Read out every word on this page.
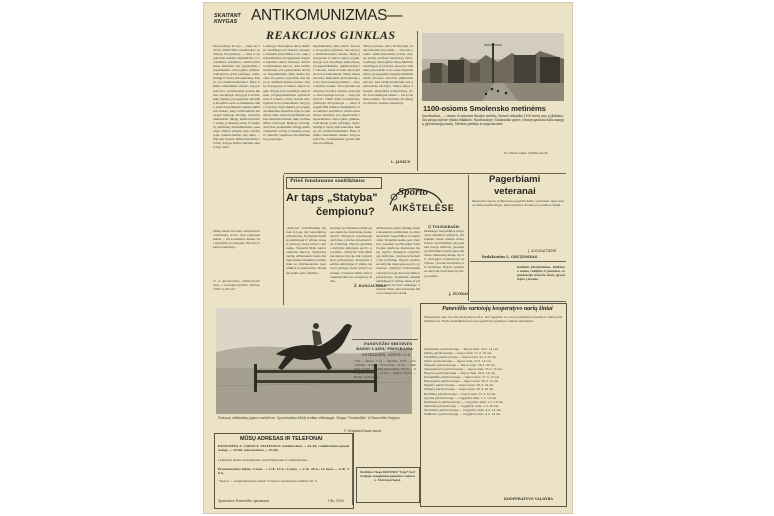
SKAITANT
KNYGAS ANTIKOMUNIZMAS—
REAKCIJOS GINKLAS
Ideologinėje kovoje — kaip tai nurodo TSKP XXII suvažiavimo priimtoje Programoje — nėra ir negali būti taikaus kapitalizmo ir socializmo sambūvio. Antikomunizmas šiandien yra pagrindinis imperializmo ideologinis ginklas, nukreiptas prieš pažangą, demokratiją ir tautų išsivadavimą. Kas gi yra antikomunizmas? Šiais ir kitais klausimais atsako knygos autorius, remdamasis gausia faktine medžiaga. Knygoje rodoma, kaip Vakarų propaganda skleidžia šmeižtus apie socialistines šalis, kaip imperialistai siekia sukiršinti tautas, kaip buržuaziniai ideologai klastoja istoriją. Autorius atskleidžia tikrąjį antikomunizmo veidą, jo klasinę esmę ir reakcinį vaidmenį šiuolaikiniame pasaulyje. Taikos priešai, karo kurstytojai, reakcionieriai visų šalių — štai kas sudaro antikomunistinį frontą. Knyga skirta plačiam skaitytojų ratui.
Leidinyje naudojama daug faktinės medžiagos iš užsienio spaudos. Pateikti pavyzdžiai rodo, kaip imperialistinė propaganda mėgina klaidinti darbo žmones. Autorius įtikinamai parodo, kad antikomunizmas yra pasmerktas istorijos. Kapitalistinių šalių darbo žmonės vis geriau supranta, kas slypi po antikomunizmo kauke. Tautų draugystės ir taikos idėjos nugali. Knyga bus naudinga lektoriams, propagandistams, agitatoriams ir visiems, kurie domisi ideologinės kovos klausimais. Knygoje rodoma, kaip Vakarų propaganda skleidžia šmeižtus apie socialistines šalis, kaip imperialistai siekia sukiršinti tautas, kaip buržuaziniai ideologai klastoja istoriją. Autorius atskleidžia tikrąjį antikomunizmo veidą, jo klasinę esmę ir reakcinį vaidmenį šiuolaikiniame pasaulyje.
Kapitalistinių šalių darbo žmonės vis geriau supranta, kas slypi po antikomunizmo kauke. Tautų draugystės ir taikos idėjos nugali. Knyga bus naudinga lektoriams, propagandistams, agitatoriams ir visiems, kurie domisi ideologinės kovos klausimais. Mūsų šalies žmonės, statydami komunizmą, įrodo, kad teisingas kelias — tai socializmo kelias. Tai supranta vis daugiau žmonių visame pasaulyje. Ideologinėje kovoje — kaip tai nurodo TSKP XXII suvažiavimo priimtoje Programoje — nėra ir negali būti taikaus kapitalizmo ir socializmo sambūvio. Antikomunizmas šiandien yra pagrindinis imperializmo ideologinis ginklas, nukreiptas prieš pažangą, demokratiją ir tautų išsivadavimą. Kas gi yra antikomunizmas? Šiais ir kitais klausimais atsako knygos autorius, remdamasis gausia faktine medžiaga.
Taikos priešai, karo kurstytojai, reakcionieriai visų šalių — štai kas sudaro antikomunistinį frontą. Knyga skirta plačiam skaitytojų ratui. Leidinyje naudojama daug faktinės medžiagos iš užsienio spaudos. Pateikti pavyzdžiai rodo, kaip imperialistinė propaganda mėgina klaidinti darbo žmones. Autorius įtikinamai parodo, kad antikomunizmas yra pasmerktas istorijos. Mūsų šalies žmonės, statydami komunizmą, įrodo, kad teisingas kelias — tai socializmo kelias. Tai supranta vis daugiau žmonių visame pasaulyje.
L. JANKUS
"I. A. Jaroševičius. Antikomunizmas — reakcijos ginklas. Vilnius, 1963 m. 80 psl."
Mūsų šalies žmonės, statydami komunizmą, įrodo, kad teisingas kelias — tai socializmo kelias. Tai supranta vis daugiau žmonių visame pasaulyje.
1100-osioms Smolensko metinėms
Smolenskas, — vienas iš senosios Rusijos miestų. Šiemet sukanka 1100 metų nuo jo įkūrimo. Šia proga mieste vyksta iškilmės. Nuotraukoje: Smolensko gatvė. Senieji pastatai šalia naujųjų gyvenamųjų namų. Miestas gražėja ir auga kasmet.
N. Ortunovskio (TASS) nuotr.
Prieš fenstaunus susitikimus
Ar taps „Statyba"
čempionu?
Sporto
AIKŠTELĖSE
„Statyba" futbolininkai šiemet kovoja dėl respublikos pirmenybių. Komanda žaidžia sėkmingai ir užima vieną iš pirmųjų vietų turnyro lentelėje. Treneris tikisi, kad komanda iškovos čempionų vardą. Artimiausiu metu žaidėjų laukia atsakingi susitikimai su stipriausiomis respublikos komandomis. Sirgaliai laukia gero žaidimo.
Jaunieji sportininkai treniruojasi stadione kiekvieną dieną. Sporto draugijos organizuoja varžybas, į kurias kviečiami visi norintieji. Rajono jaunimas aktyviai dalyvauja sporto gyvenime. „Statyba" futbolininkai šiemet kovoja dėl respublikos pirmenybių. Komanda žaidžia sėkmingai ir užima vieną iš pirmųjų vietų turnyro lentelėje. Treneris tikisi, kad komanda iškovos čempionų vardą.
Artimiausiu metu žaidėjų laukia atsakingi susitikimai su stipriausiomis respublikos komandomis. Sirgaliai laukia gero žaidimo. Jaunieji sportininkai treniruojasi stadione kiekvieną dieną. Sporto draugijos organizuoja varžybas, į kurias kviečiami visi norintieji. Rajono jaunimas aktyviai dalyvauja sporto gyvenime. „Statyba" futbolininkai šiemet kovoja dėl respublikos pirmenybių. Komanda žaidžia sėkmingai ir užima vieną iš pirmųjų vietų turnyro lentelėje. Treneris tikisi, kad komanda iškovos čempionų vardą.
Pasibaigė respublikos lengvosios atletikos varžybos. Pirmąsias vietas užėmė mūsų miesto sportininkai. Jie pasiekė naujų rekordų. Jaunieji sportininkai treniruojasi stadione kiekvieną dieną. Sporto draugijos organizuoja varžybas, į kurias kviečiami visi norintieji. Rajono jaunimas aktyviai dalyvauja sporto gyvenime.
Ž. RANGAUSKAS
☐ TOLIOKRAŠIS
J. ŽUOKAS
Pagerbiami
veteranai
Panevėžio rajono kolūkiuose pagerbti darbo veteranai, ilgus metus dirbę žemės ūkyje. Jiems įteiktos dovanos ir padėkos raštai.
J. ADOMAITIENĖ
Redaktorius L. GRUZINSKAS
Kolūkio pirmininkas, Kultūros namų valdyba ir jaunimo organizacija kviečia visus gyventojus į šventę.
Pastaraj arklininkų jojimo varžybose. Sportininkas kliūtį įveikia sėkmingai. Žirgas "Voratinklis" iš Panevėžio žirgyno.
V. Grigaravičiaus nuotr.
PANEVĖŽIO SRITINĖS
RADIO LAIDŲ PROGRAMA
ANTRADIENĮ, LIEPOS 23 d.
7.00 — Žinios. 7.10 — Muzika. 8.00 — Pranešimai. 12.00 — Koncertas. 14.30 — Vaikams. 17.00 — Kalba Panevėžys. 18.15 — Estradinė muzika. 19.00 — Žinios. 20.30 — Radijo spektaklis.
Kolūkio Viesa KOVINIS "Vėjo" teritorijoje rengiamas jaunimo vakaras. Visi kviečiami.
Panevėžio vartotojų kooperatyvo narių žiniai
Pranešame, kad nuo šių metų liepos 20 d. iki rugpjūčio 4 d. bus pobūviai kooperatyvo narių susirinkimuose. Narių susirinkimuose bus aptarti kooperatyvo veiklos klausimai.
Antrininkų parduotuvėje — liepos mėn. 20 d. 14 val.
Jakštų parduotuvėje — liepos mėn. 21 d. 19 val.
Miežiškių parduotuvėje — liepos mėn. 22 d. 20 val.
Velžio parduotuvėje — liepos mėn. 23 d. 14 val.
Šilagalio parduotuvėje — liepos mėn. 24 d. 20 val.
Naujamiesčio parduotuvėje — liepos mėn. 25 d. 15 val.
Raguvos parduotuvėje — liepos mėn. 26 d. 14 val.
Karsakiškio parduotuvėje — liepos mėn. 27 d. 13 val.
Ramygalos parduotuvėje — liepos mėn. 28 d. 12 val.
Paįstrio parduotuvėje — liepos mėn. 29 d. 14 val.
Smilgių parduotuvėje — liepos mėn. 30 d. 20 val.
Berčiūnų parduotuvėje — liepos mėn. 31 d. 14 val.
Upytės parduotuvėje — rugpjūčio mėn. 1 d. 14 val.
Krekenavos parduotuvėje — rugpjūčio mėn. 2 d. 19 val.
Vadoklių parduotuvėje — rugpjūčio mėn. 3 d. 20 val.
Mockaičių parduotuvėje — rugpjūčio mėn. 4 d. 14 val.
Sidabravo parduotuvėje — rugpjūčio mėn. 4 d. 19 val.
KOOPERATYVO VALDYBA
MŪSŲ ADRESAS IR TELEFONAI
PANEVĖŽYS, S. CARNO 8. TELEFONAI: redaktoriaus — 44-40; redaktoriaus pavaduotojo — 24-06; sekretoriaus — 23-66.
Laikraštis išeina antradieniais, ketvirtadieniais ir šeštadieniais.
Prenumeratos kaina: 3 mėn. — 1 rb. 14 k.; 6 mėn. — 2 rb. 28 k.; 12 mėn. — 4 rb. 56 k.
"Tiesos" — nauji Panevėžio miesto ir rajono spaustuvės leidiniai Nr. 3.
Spaustuvė Panevėžio spaustuvė	Užs. 1905
